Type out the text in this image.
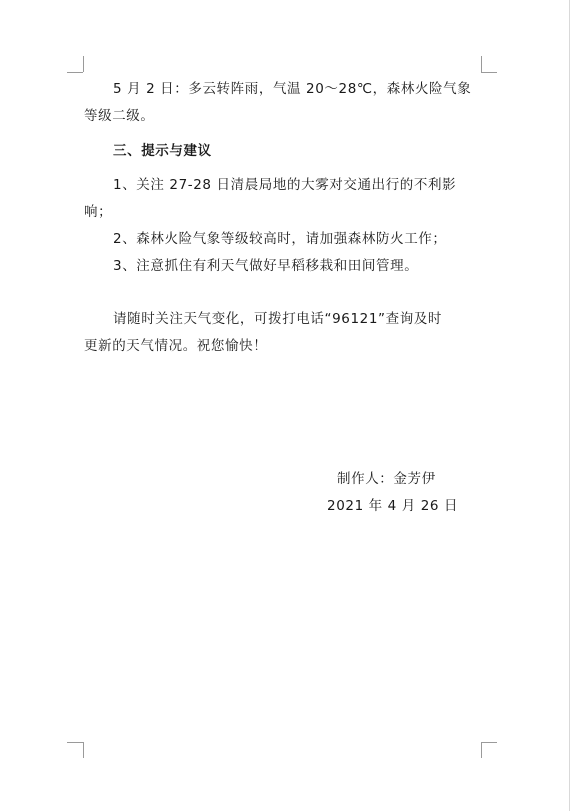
5 月 2 日：多云转阵雨，气温 20～28℃，森林火险气象
等级二级。
三、提示与建议
1、关注 27-28 日清晨局地的大雾对交通出行的不利影
响；
2、森林火险气象等级较高时，请加强森林防火工作；
3、注意抓住有利天气做好早稻移栽和田间管理。
请随时关注天气变化，可拨打电话“96121”查询及时
更新的天气情况。祝您愉快！
制作人：金芳伊
2021 年 4 月 26 日
